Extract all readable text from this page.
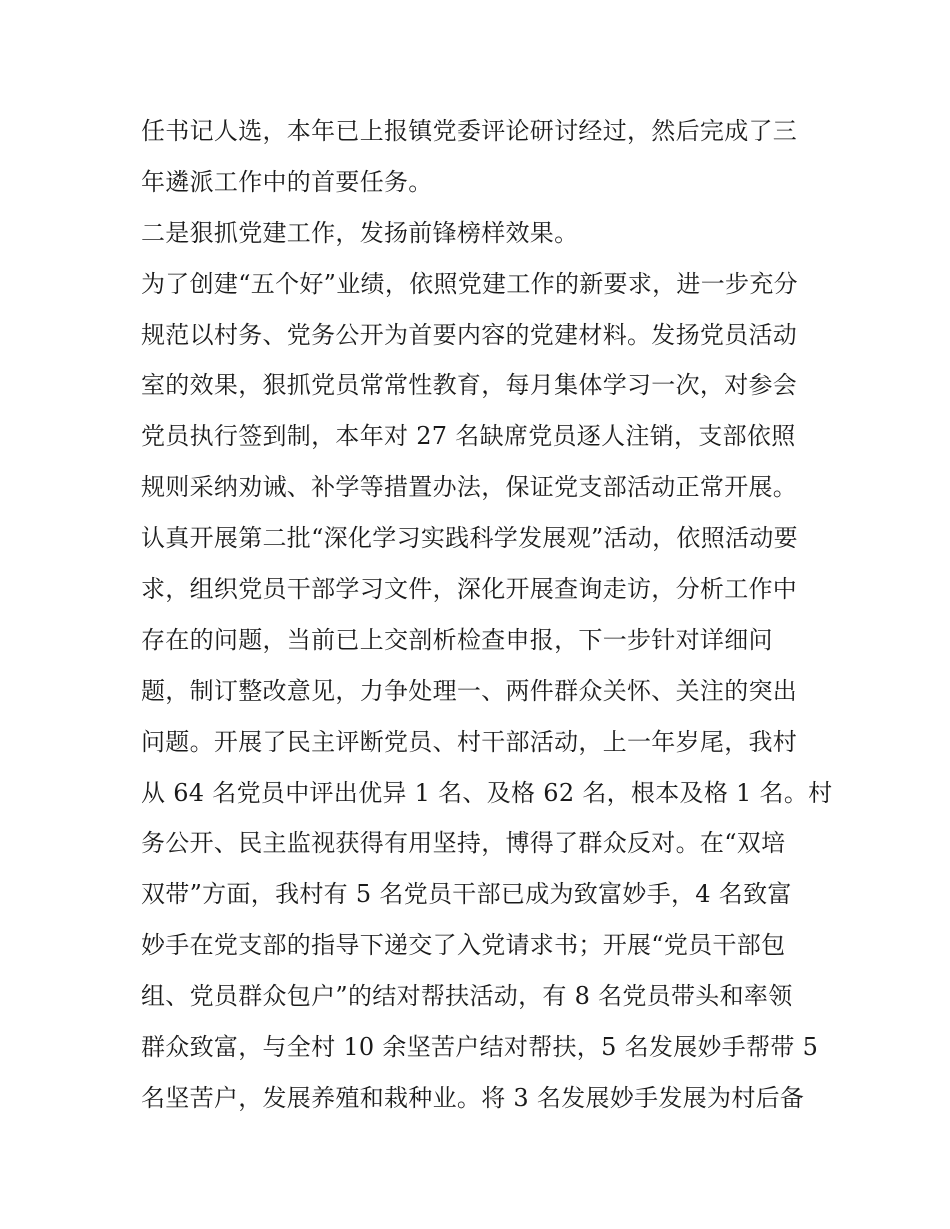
任书记人选，本年已上报镇党委评论研讨经过，然后完成了三
年遴派工作中的首要任务。
二是狠抓党建工作，发扬前锋榜样效果。
为了创建“五个好”业绩，依照党建工作的新要求，进一步充分
规范以村务、党务公开为首要内容的党建材料。发扬党员活动
室的效果，狠抓党员常常性教育，每月集体学习一次，对参会
党员执行签到制，本年对 27 名缺席党员逐人注销，支部依照
规则采纳劝诫、补学等措置办法，保证党支部活动正常开展。
认真开展第二批“深化学习实践科学发展观”活动，依照活动要
求，组织党员干部学习文件，深化开展查询走访，分析工作中
存在的问题，当前已上交剖析检查申报，下一步针对详细问
题，制订整改意见，力争处理一、两件群众关怀、关注的突出
问题。开展了民主评断党员、村干部活动，上一年岁尾，我村
从 64 名党员中评出优异 1 名、及格 62 名，根本及格 1 名。村
务公开、民主监视获得有用坚持，博得了群众反对。在“双培
双带”方面，我村有 5 名党员干部已成为致富妙手，4 名致富
妙手在党支部的指导下递交了入党请求书；开展“党员干部包
组、党员群众包户”的结对帮扶活动，有 8 名党员带头和率领
群众致富，与全村 10 余坚苦户结对帮扶，5 名发展妙手帮带 5
名坚苦户，发展养殖和栽种业。将 3 名发展妙手发展为村后备
